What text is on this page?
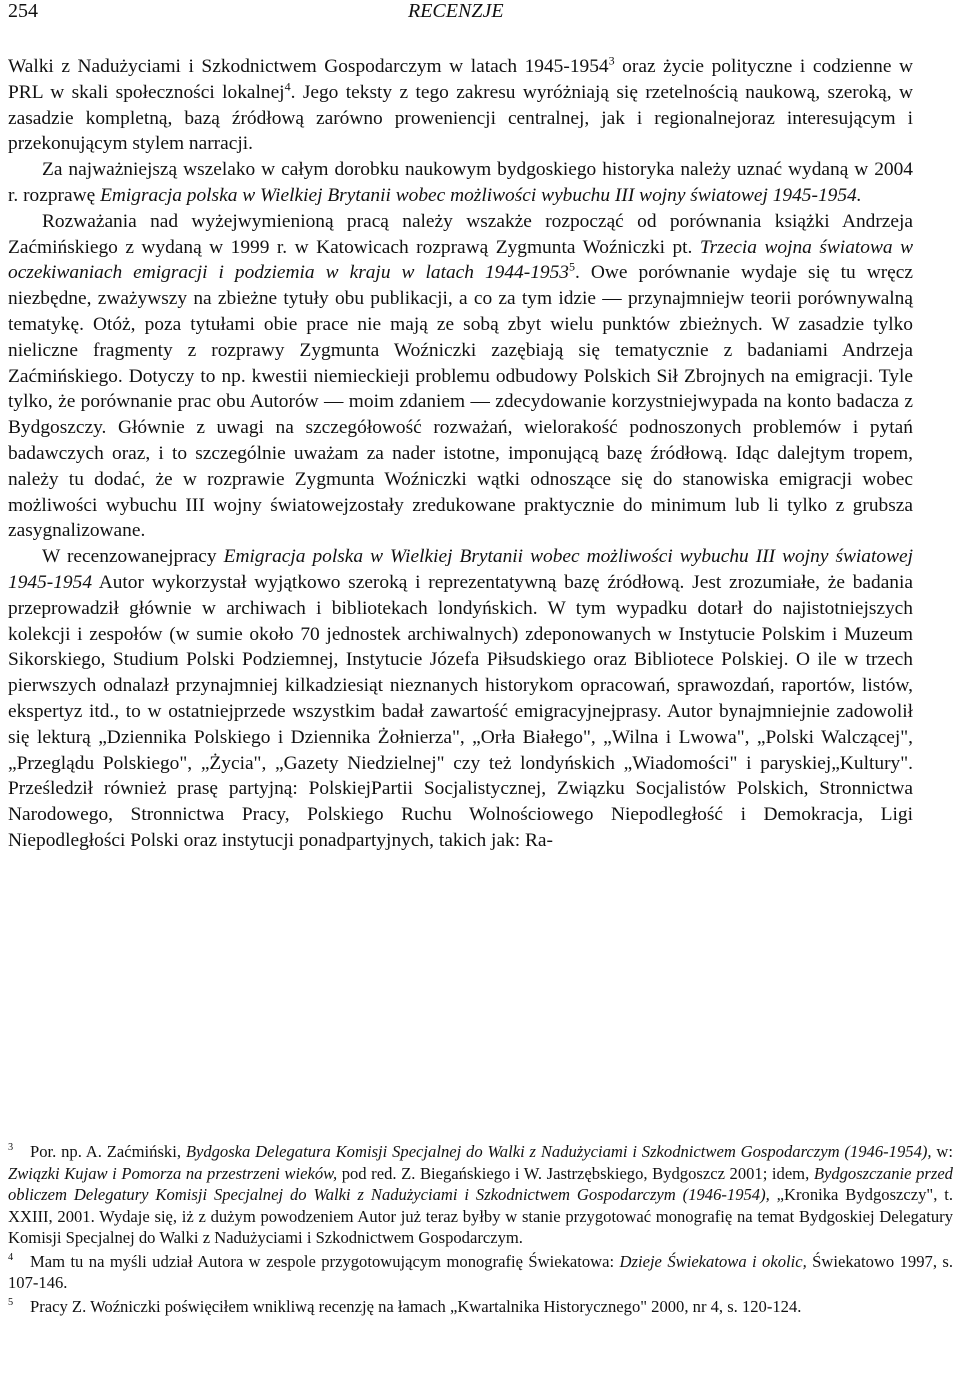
254	RECENZJE

Walki z Nadużyciami i Szkodnictwem Gospodarczym w latach 1945-1954$^3$ oraz życie polityczne i codzienne w PRL w skali społeczności lokalnej$^4$. Jego teksty z tego zakresu wyróżniają się rzetelnością naukową, szeroką, w zasadzie kompletną, bazą źródłową zarówno proweniencji centralnej, jak i regionalnejoraz interesującym i przekonującym stylem narracji.

Za najważniejszą wszelako w całym dorobku naukowym bydgoskiego historyka należy uznać wydaną w 2004 r. rozprawę Emigracja polska w Wielkiej Brytanii wobec możliwości wybuchu III wojny światowej 1945-1954.

Rozważania nad wyżejwymienioną pracą należy wszakże rozpocząć od porównania książki Andrzeja Zaćmińskiego z wydaną w 1999 r. w Katowicach rozprawą Zygmunta Woźniczki pt. Trzecia wojna światowa w oczekiwaniach emigracji i podziemia w kraju w latach 1944-1953$^5$. Owe porównanie wydaje się tu wręcz niezbędne, zważywszy na zbieżne tytuły obu publikacji, a co za tym idzie — przynajmniejw teorii porównywalną tematykę. Otóż, poza tytułami obie prace nie mają ze sobą zbyt wielu punktów zbieżnych. W zasadzie tylko nieliczne fragmenty z rozprawy Zygmunta Woźniczki zazębiają się tematycznie z badaniami Andrzeja Zaćmińskiego. Dotyczy to np. kwestii niemieckieji problemu odbudowy Polskich Sił Zbrojnych na emigracji. Tyle tylko, że porównanie prac obu Autorów — moim zdaniem — zdecydowanie korzystniejwypada na konto badacza z Bydgoszczy. Głównie z uwagi na szczegółowość rozważań, wielorakość podnoszonych problemów i pytań badawczych oraz, i to szczególnie uważam za nader istotne, imponującą bazę źródłową. Idąc dalejtym tropem, należy tu dodać, że w rozprawie Zygmunta Woźniczki wątki odnoszące się do stanowiska emigracji wobec możliwości wybuchu III wojny światowejzostały zredukowane praktycznie do minimum lub li tylko z grubsza zasygnalizowane.

W recenzowanejpracy Emigracja polska w Wielkiej Brytanii wobec możliwości wybuchu III wojny światowej 1945-1954 Autor wykorzystał wyjątkowo szeroką i reprezentatywną bazę źródłową. Jest zrozumiałe, że badania przeprowadził głównie w archiwach i bibliotekach londyńskich. W tym wypadku dotarł do najistotniejszych kolekcji i zespołów (w sumie około 70 jednostek archiwalnych) zdeponowanych w Instytucie Polskim i Muzeum Sikorskiego, Studium Polski Podziemnej, Instytucie Józefa Piłsudskiego oraz Bibliotece Polskiej. O ile w trzech pierwszych odnalazł przynajmniej kilkadziesiąt nieznanych historykom opracowań, sprawozdań, raportów, listów, ekspertyz itd., to w ostatniejprzede wszystkim badał zawartość emigracyjnejprasy. Autor bynajmniejnie zadowolił się lekturą „Dziennika Polskiego i Dziennika Żołnierza", „Orła Białego", „Wilna i Lwowa", „Polski Walczącej", „Przeglądu Polskiego", „Życia", „Gazety Niedzielnej" czy też londyńskich „Wiadomości" i paryskiej„Kultury". Prześledził również prasę partyjną: PolskiejPartii Socjalistycznej, Związku Socjalistów Polskich, Stronnictwa Narodowego, Stronnictwa Pracy, Polskiego Ruchu Wolnościowego Niepodległość i Demokracja, Ligi Niepodległości Polski oraz instytucji ponadpartyjnych, takich jak: Ra-

3 Por. np. A. Zaćmiński, Bydgoska Delegatura Komisji Specjalnej do Walki z Nadużyciami i Szkodnictwem Gospodarczym (1946-1954), w: Związki Kujaw i Pomorza na przestrzeni wieków, pod red. Z. Biegańskiego i W. Jastrzębskiego, Bydgoszcz 2001; idem, Bydgoszczanie przed obliczem Delegatury Komisji Specjalnej do Walki z Nadużyciami i Szkodnictwem Gospodarczym (1946-1954), „Kronika Bydgoszczy", t. XXIII, 2001. Wydaje się, iż z dużym powodzeniem Autor już teraz byłby w stanie przygotować monografię na temat Bydgoskiej Delegatury Komisji Specjalnej do Walki z Nadużyciami i Szkodnictwem Gospodarczym.

4 Mam tu na myśli udział Autora w zespole przygotowującym monografię Świekatowa: Dzieje Świekatowa i okolic, Świekatowo 1997, s. 107-146.

5 Pracy Z. Woźniczki poświęciłem wnikliwą recenzję na łamach „Kwartalnika Historycznego" 2000, nr 4, s. 120-124.
